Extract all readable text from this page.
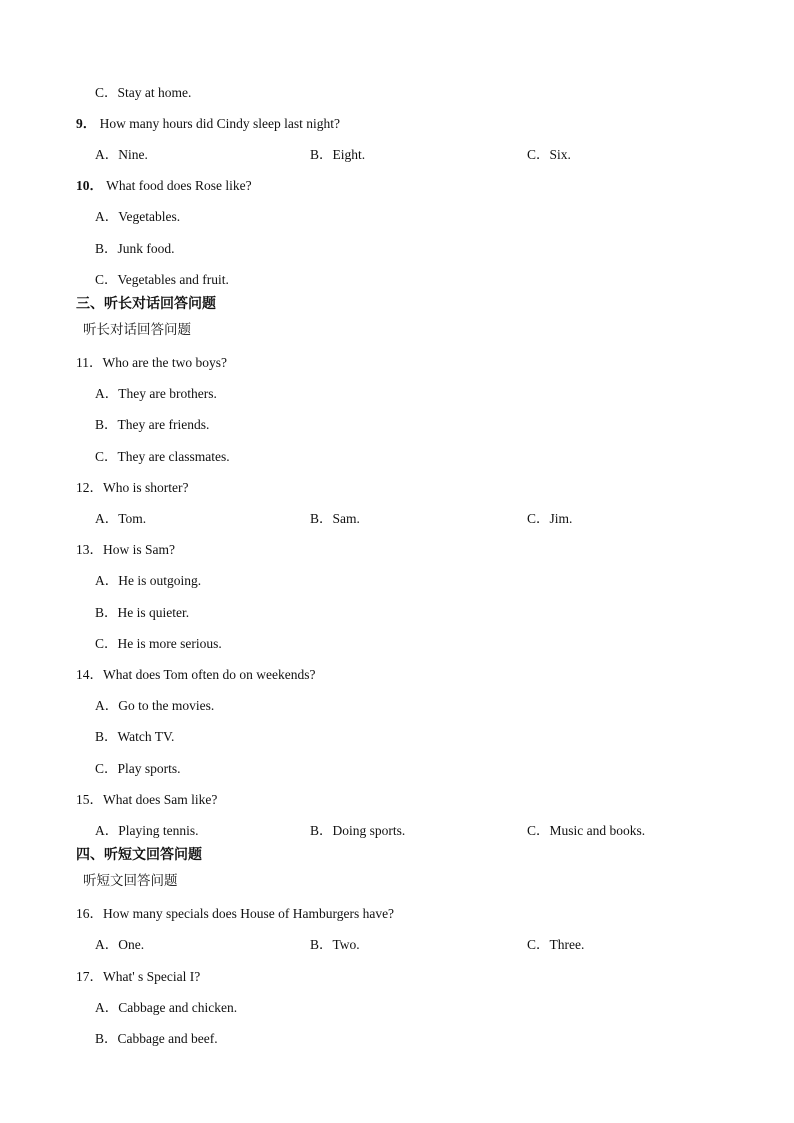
C．Stay at home.
9． How many hours did Cindy sleep last night?
A．Nine.	B．Eight.	C．Six.
10． What food does Rose like?
A．Vegetables.
B．Junk food.
C．Vegetables and fruit.
三、听长对话回答问题
听长对话回答问题
11．Who are the two boys?
A．They are brothers.
B．They are friends.
C．They are classmates.
12．Who is shorter?
A．Tom.	B．Sam.	C．Jim.
13．How is Sam?
A．He is outgoing.
B．He is quieter.
C．He is more serious.
14．What does Tom often do on weekends?
A．Go to the movies.
B．Watch TV.
C．Play sports.
15．What does Sam like?
A．Playing tennis.	B．Doing sports.	C．Music and books.
四、听短文回答问题
听短文回答问题
16．How many specials does House of Hamburgers have?
A．One.	B．Two.	C．Three.
17．What' s Special I?
A．Cabbage and chicken.
B．Cabbage and beef.
